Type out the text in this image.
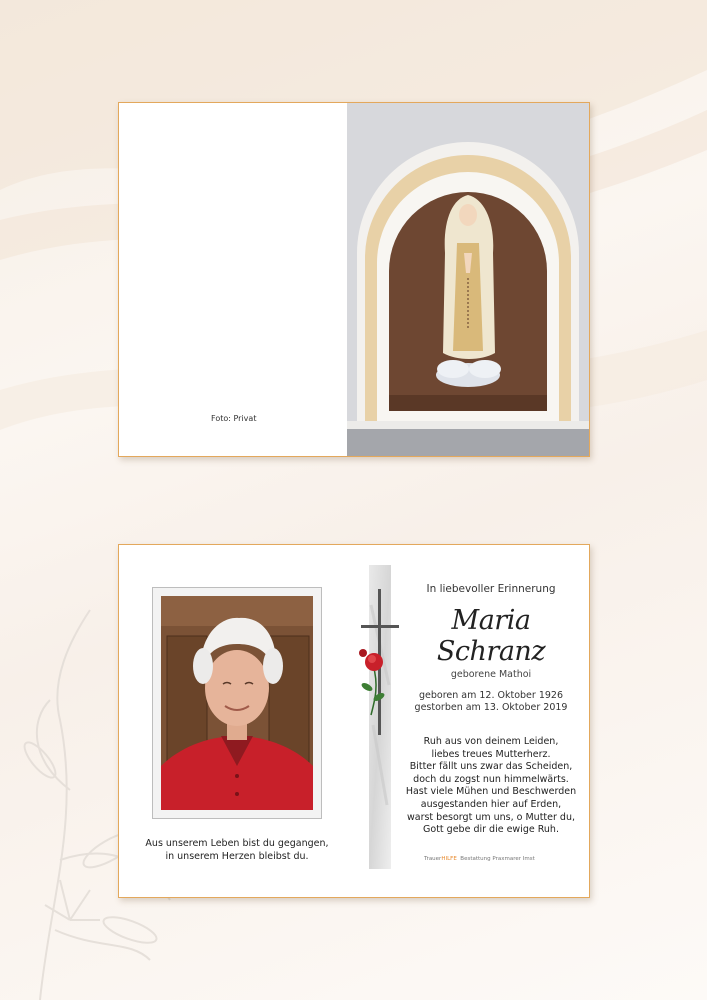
Foto: Privat
Aus unserem Leben bist du gegangen,
in unserem Herzen bleibst du.

In liebevoller Erinnerung

Maria Schranz
geborene Mathoi
geboren am 12. Oktober 1926
gestorben am 13. Oktober 2019
Ruh aus von deinem Leiden,
liebes treues Mutterherz.
Bitter fällt uns zwar das Scheiden,
doch du zogst nun himmelwärts.
Hast viele Mühen und Beschwerden
ausgestanden hier auf Erden,
warst besorgt um uns, o Mutter du,
Gott gebe dir die ewige Ruh.
TrauerHILFE Bestattung Praxmarer Imst
